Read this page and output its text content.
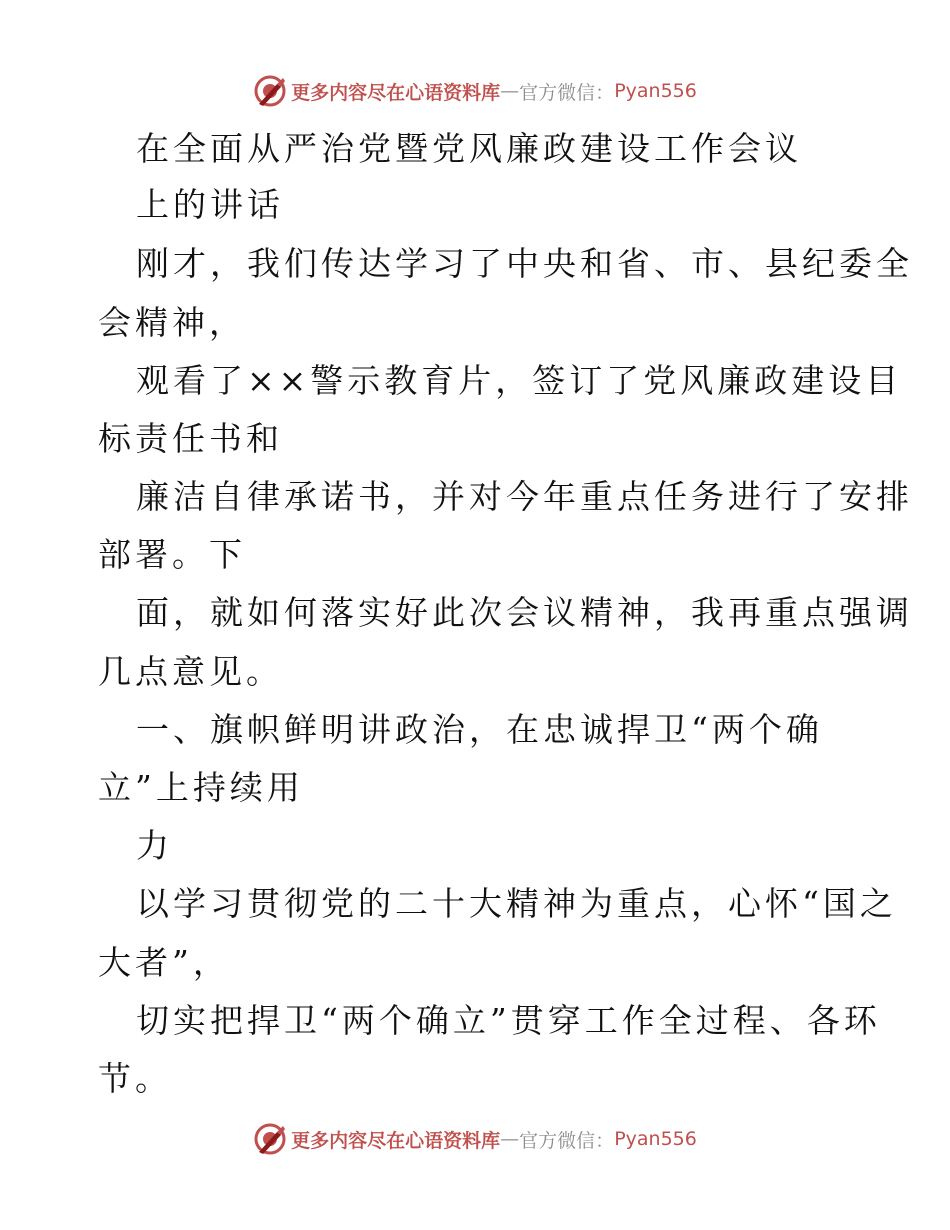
更多内容尽在心语资料库 — 官方微信： Pyan556
在全面从严治党暨党风廉政建设工作会议
上的讲话
刚才，我们传达学习了中央和省、市、县纪委全
会精神，
观看了××警示教育片，签订了党风廉政建设目
标责任书和
廉洁自律承诺书，并对今年重点任务进行了安排
部署。下
面，就如何落实好此次会议精神，我再重点强调
几点意见。
一、旗帜鲜明讲政治，在忠诚捍卫“两个确
立”上持续用
力
以学习贯彻党的二十大精神为重点，心怀“国之
大者”，
切实把捍卫“两个确立”贯穿工作全过程、各环
节。
更多内容尽在心语资料库 — 官方微信： Pyan556
